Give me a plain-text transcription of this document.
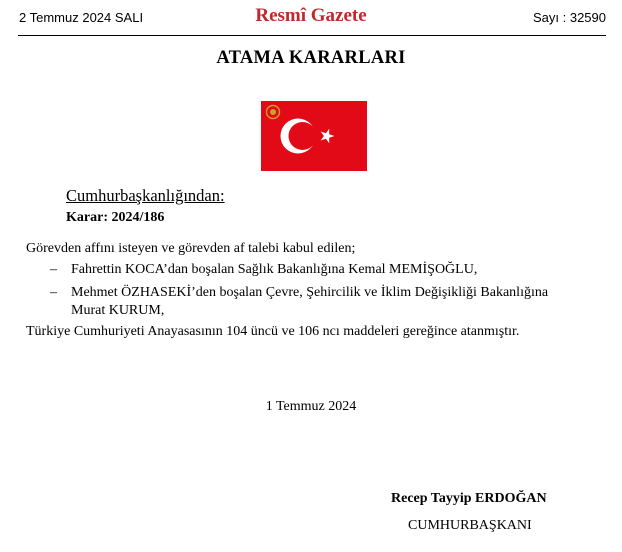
2 Temmuz 2024 SALI	Resmî Gazete	Sayı : 32590
ATAMA KARARLARI
Cumhurbaşkanlığından:
Karar: 2024/186
Görevden affını isteyen ve görevden af talebi kabul edilen;
– Fahrettin KOCA’dan boşalan Sağlık Bakanlığına Kemal MEMİŞOĞLU,
– Mehmet ÖZHASEKİ’den boşalan Çevre, Şehircilik ve İklim Değişikliği Bakanlığına
Murat KURUM,
Türkiye Cumhuriyeti Anayasasının 104 üncü ve 106 ncı maddeleri gereğince atanmıştır.
1 Temmuz 2024
Recep Tayyip ERDOĞAN
CUMHURBAŞKANI
